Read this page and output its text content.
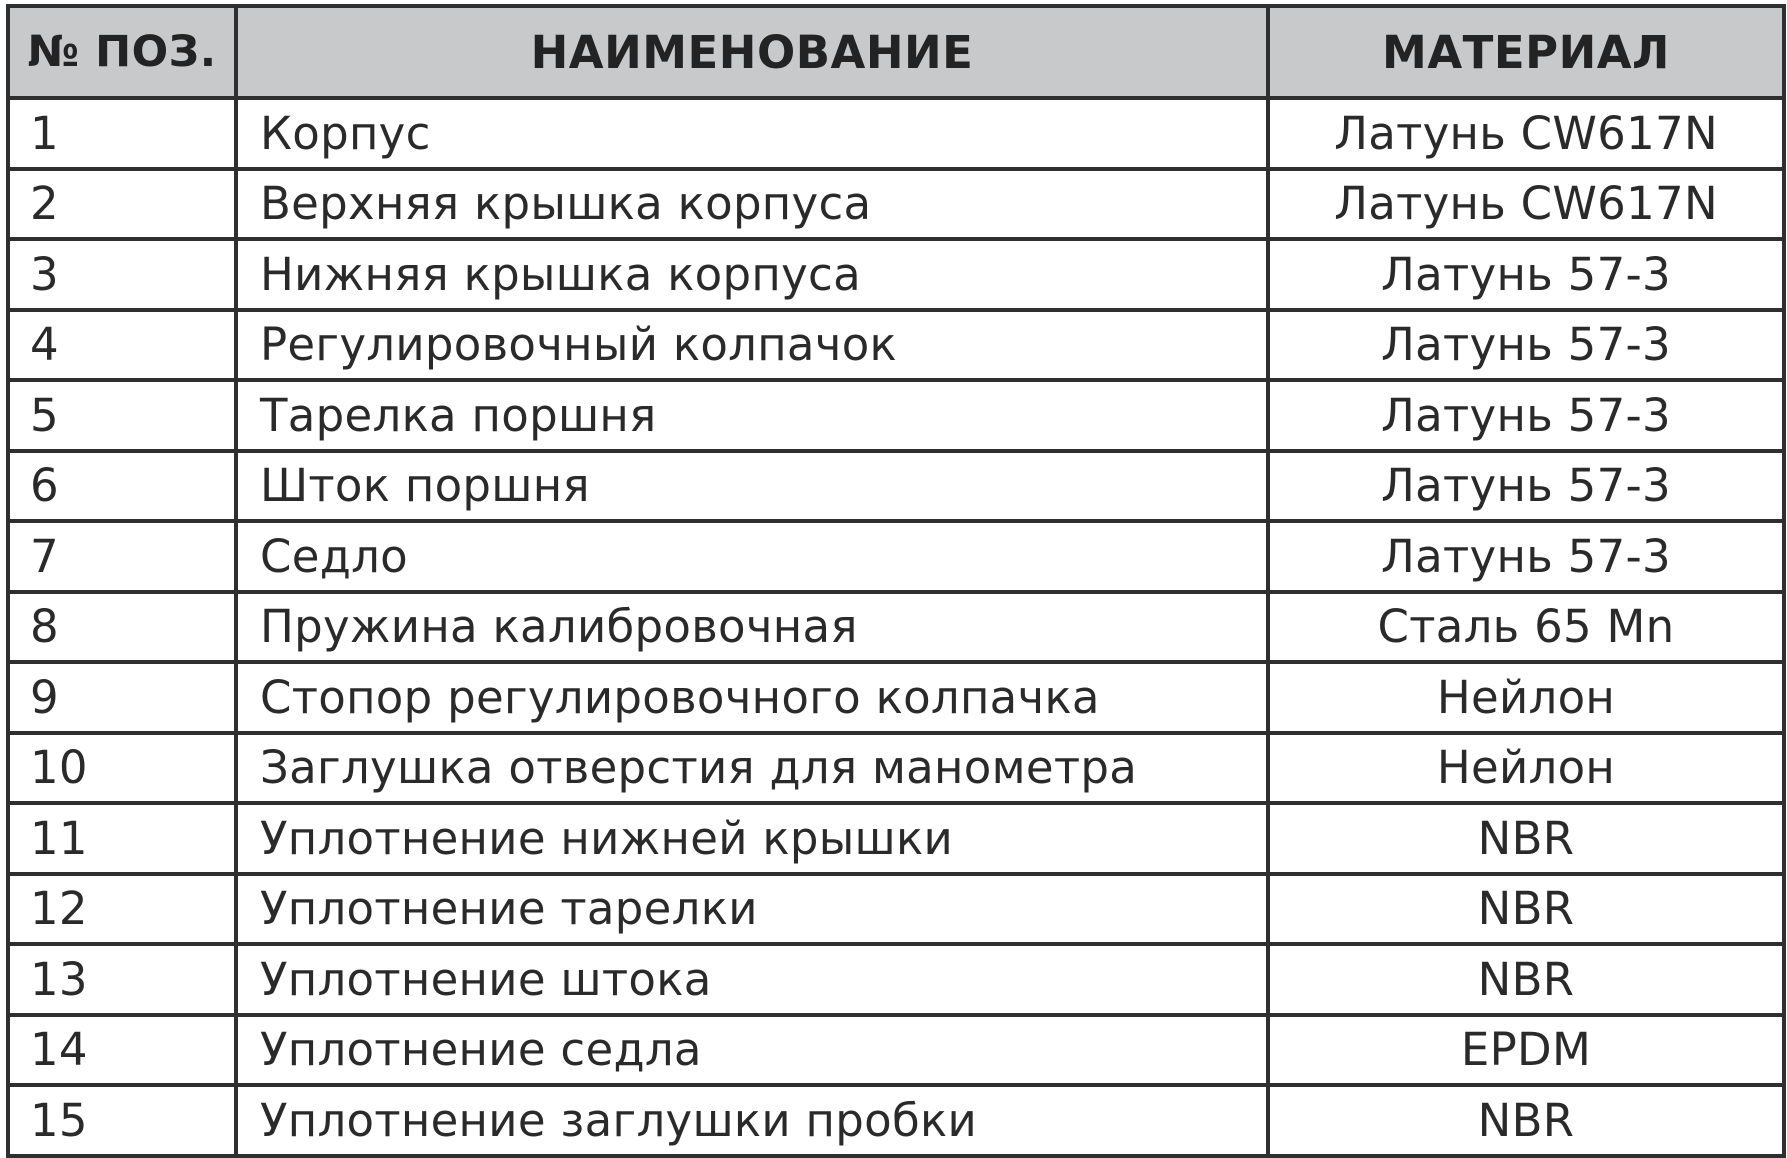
№ ПОЗ.	НАИМЕНОВАНИЕ	МАТЕРИАЛ
1	Корпус	Латунь CW617N
2	Верхняя крышка корпуса	Латунь CW617N
3	Нижняя крышка корпуса	Латунь 57-3
4	Регулировочный колпачок	Латунь 57-3
5	Тарелка поршня	Латунь 57-3
6	Шток поршня	Латунь 57-3
7	Седло	Латунь 57-3
8	Пружина калибровочная	Сталь 65 Mn
9	Стопор регулировочного колпачка	Нейлон
10	Заглушка отверстия для манометра	Нейлон
11	Уплотнение нижней крышки	NBR
12	Уплотнение тарелки	NBR
13	Уплотнение штока	NBR
14	Уплотнение седла	EPDM
15	Уплотнение заглушки пробки	NBR
